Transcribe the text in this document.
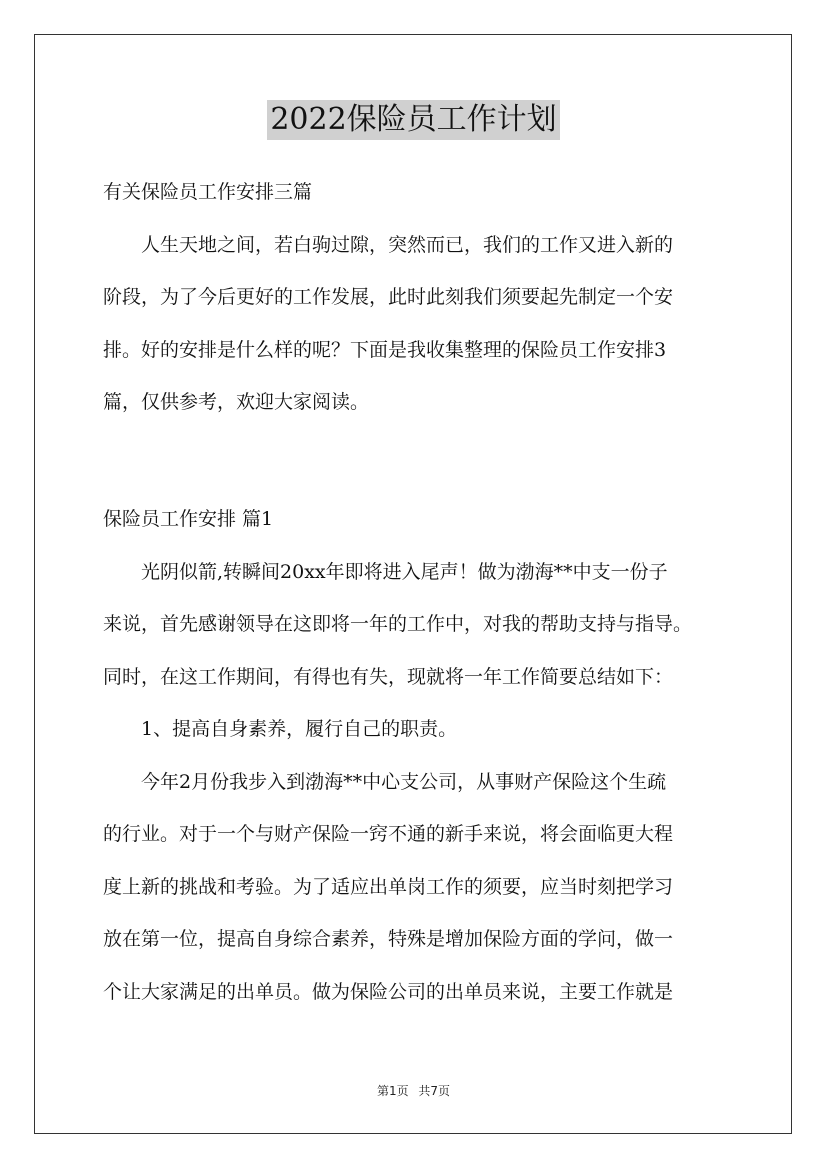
2022保险员工作计划
有关保险员工作安排三篇
人生天地之间，若白驹过隙，突然而已，我们的工作又进入新的
阶段，为了今后更好的工作发展，此时此刻我们须要起先制定一个安
排。好的安排是什么样的呢？下面是我收集整理的保险员工作安排3
篇，仅供参考，欢迎大家阅读。
保险员工作安排 篇1
光阴似箭,转瞬间20xx年即将进入尾声！做为渤海**中支一份子
来说，首先感谢领导在这即将一年的工作中，对我的帮助支持与指导。
同时，在这工作期间，有得也有失，现就将一年工作简要总结如下：
1、提高自身素养，履行自己的职责。
今年2月份我步入到渤海**中心支公司，从事财产保险这个生疏
的行业。对于一个与财产保险一窍不通的新手来说，将会面临更大程
度上新的挑战和考验。为了适应出单岗工作的须要，应当时刻把学习
放在第一位，提高自身综合素养，特殊是增加保险方面的学问，做一
个让大家满足的出单员。做为保险公司的出单员来说，主要工作就是
第1页 共7页
